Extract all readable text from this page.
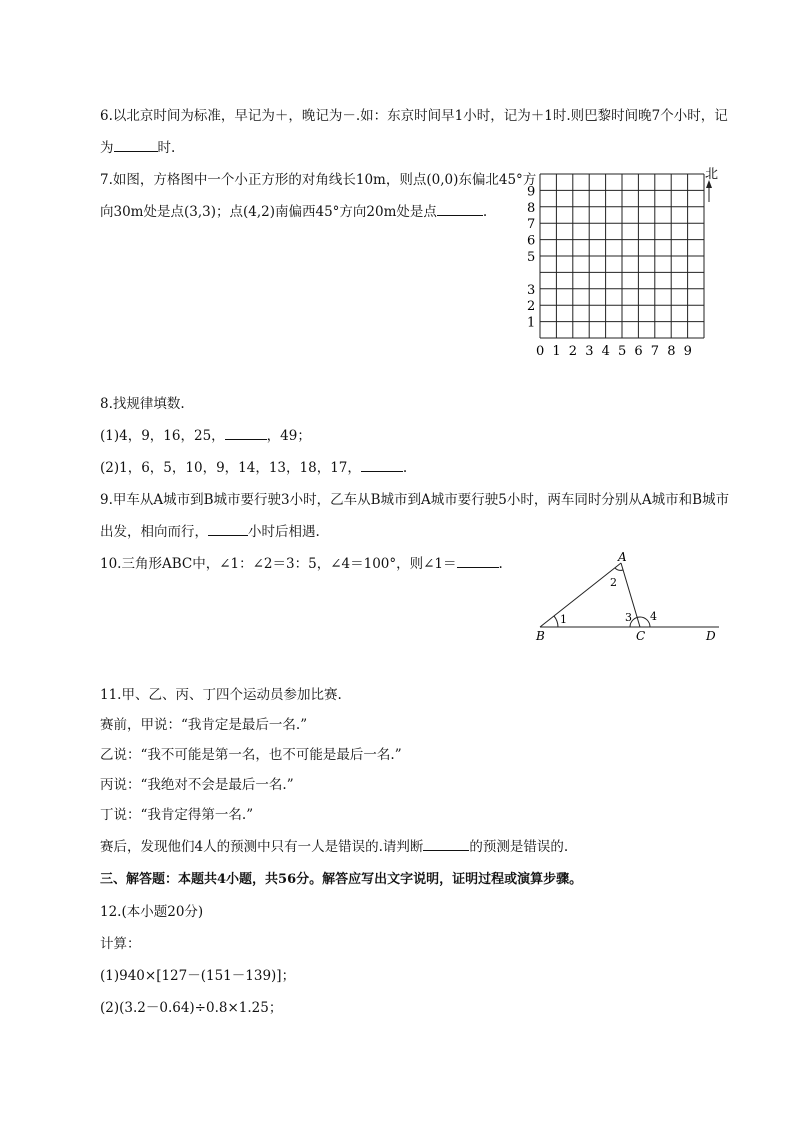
6.以北京时间为标准，早记为＋，晚记为－.如：东京时间早1小时，记为＋1时.则巴黎时间晚7个小时，记
为	时.
7.如图，方格图中一个小正方形的对角线长10m，则点(0,0)东偏北45°方
向30m处是点(3,3)；点(4,2)南偏西45°方向20m处是点	.
北
0 1 2 3 4 5 6 7 8 9
1
2
3
5
6
7
8
9
8.找规律填数.
(1)4，9，16，25，	，49；
(2)1，6，5，10，9，14，13，18，17，	.
9.甲车从A城市到B城市要行驶3小时，乙车从B城市到A城市要行驶5小时，两车同时分别从A城市和B城市
出发，相向而行，	小时后相遇.
10.三角形ABC中，∠1：∠2＝3：5，∠4＝100°，则∠1＝	.	A
B	C	D
1
2
3 4
11.甲、乙、丙、丁四个运动员参加比赛.
赛前，甲说：“我肯定是最后一名.”
乙说：“我不可能是第一名，也不可能是最后一名.”
丙说：“我绝对不会是最后一名.”
丁说：“我肯定得第一名.”
赛后，发现他们4人的预测中只有一人是错误的.请判断	的预测是错误的.
三、解答题：本题共4小题，共56分。解答应写出文字说明，证明过程或演算步骤。
12.(本小题20分)
计算：
(1)940×[127－(151－139)]；
(2)(3.2－0.64)÷0.8×1.25；
